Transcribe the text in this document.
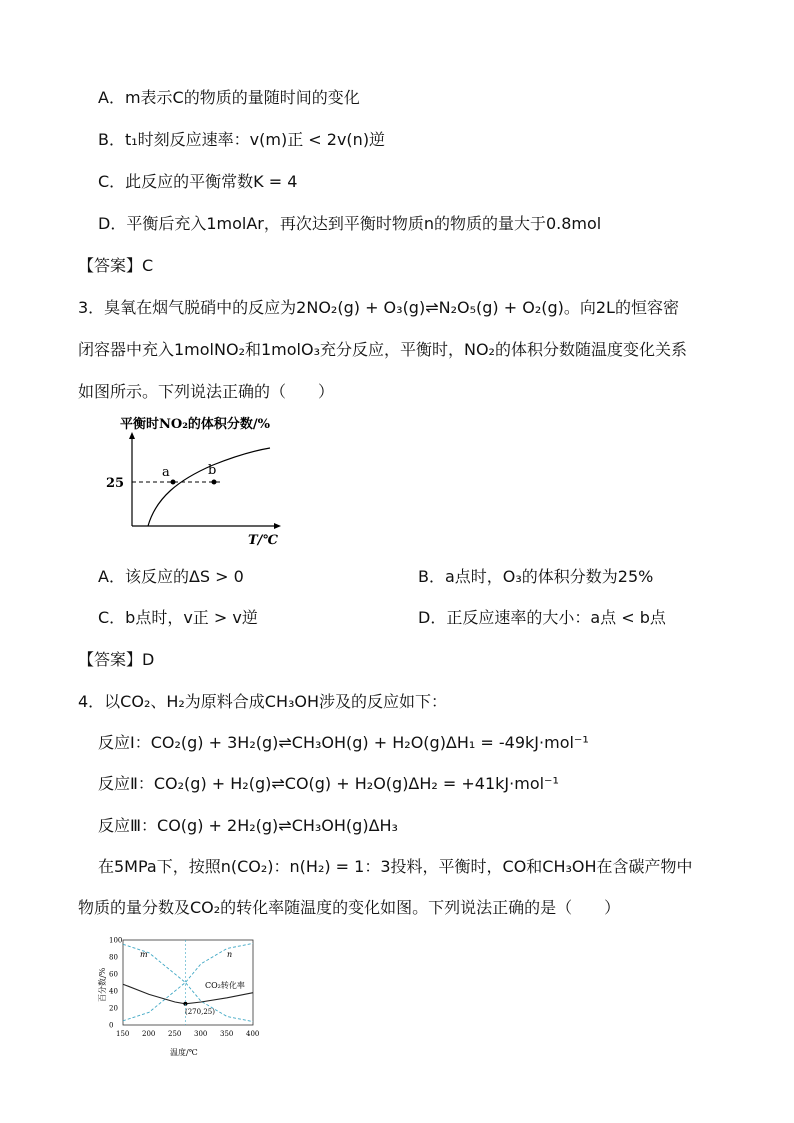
A．m表示C的物质的量随时间的变化
B．t₁时刻反应速率：v(m)正 < 2v(n)逆
C．此反应的平衡常数K = 4
D．平衡后充入1molAr，再次达到平衡时物质n的物质的量大于0.8mol
【答案】C
3．臭氧在烟气脱硝中的反应为2NO₂(g) + O₃(g)⇌N₂O₅(g) + O₂(g)。向2L的恒容密
闭容器中充入1molNO₂和1molO₃充分反应，平衡时，NO₂的体积分数随温度变化关系
如图所示。下列说法正确的（　　）
平衡时NO₂的体积分数/%
25
a	b
T/℃
A．该反应的ΔS > 0	B．a点时，O₃的体积分数为25%
C．b点时，v正 > v逆	D．正反应速率的大小：a点 < b点
【答案】D
4．以CO₂、H₂为原料合成CH₃OH涉及的反应如下：
反应Ⅰ：CO₂(g) + 3H₂(g)⇌CH₃OH(g) + H₂O(g)ΔH₁ = -49kJ·mol⁻¹
反应Ⅱ：CO₂(g) + H₂(g)⇌CO(g) + H₂O(g)ΔH₂ = +41kJ·mol⁻¹
反应Ⅲ：CO(g) + 2H₂(g)⇌CH₃OH(g)ΔH₃
在5MPa下，按照n(CO₂)：n(H₂) = 1：3投料，平衡时，CO和CH₃OH在含碳产物中
物质的量分数及CO₂的转化率随温度的变化如图。下列说法正确的是（　　）
150 200 250 300 350 400
0
20
40
60
80
100
m	n
CO₂转化率
(270,25)
温度/℃
百分数/%
